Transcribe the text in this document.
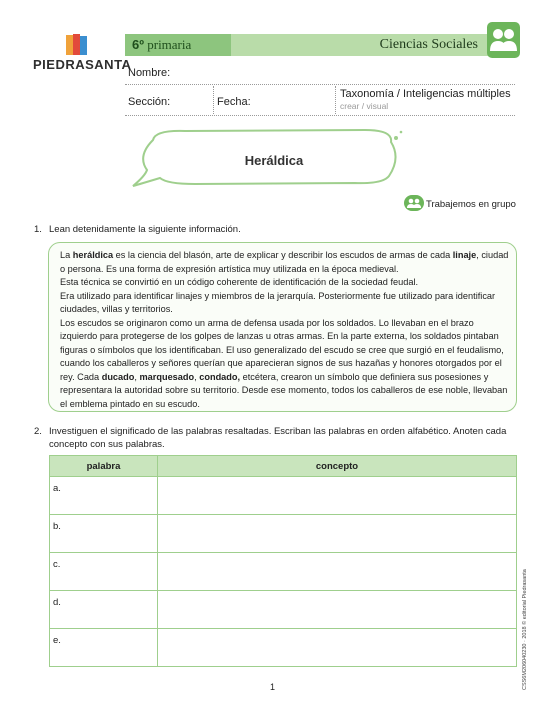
PIEDRASANTA
6º primaria	Ciencias Sociales
Nombre:
Sección:	Fecha:
Taxonomía / Inteligencias múltiples
crear / visual
Heráldica
Trabajemos en grupo
1. Lean detenidamente la siguiente información.

La heráldica es la ciencia del blasón, arte de explicar y describir los escudos de armas de cada linaje, ciudad o persona. Es una forma de expresión artística muy utilizada en la época medieval.

Esta técnica se convirtió en un código coherente de identificación de la sociedad feudal.

Era utilizado para identificar linajes y miembros de la jerarquía. Posteriormente fue utilizado para identificar ciudades, villas y territorios.

Los escudos se originaron como un arma de defensa usada por los soldados. Lo llevaban en el brazo izquierdo para protegerse de los golpes de lanzas u otras armas. En la parte externa, los soldados pintaban figuras o símbolos que los identificaban. El uso generalizado del escudo se cree que surgió en el feudalismo, cuando los caballeros y señores querían que aparecieran signos de sus hazañas y honores otorgados por el rey. Cada ducado, marquesado, condado, etcétera, crearon un símbolo que definiera sus posesiones y representara la autoridad sobre su territorio. Desde ese momento, todos los caballeros de ese noble, llevaban el emblema pintado en su escudo.

2. Investiguen el significado de las palabras resaltadas. Escriban las palabras en orden alfabético. Anoten cada concepto con sus palabras.
palabra	concepto
a.	
b.	
c.	
d.	
e.		CSS6M206040230 · 2018 © editorial Piedrasanta
1
